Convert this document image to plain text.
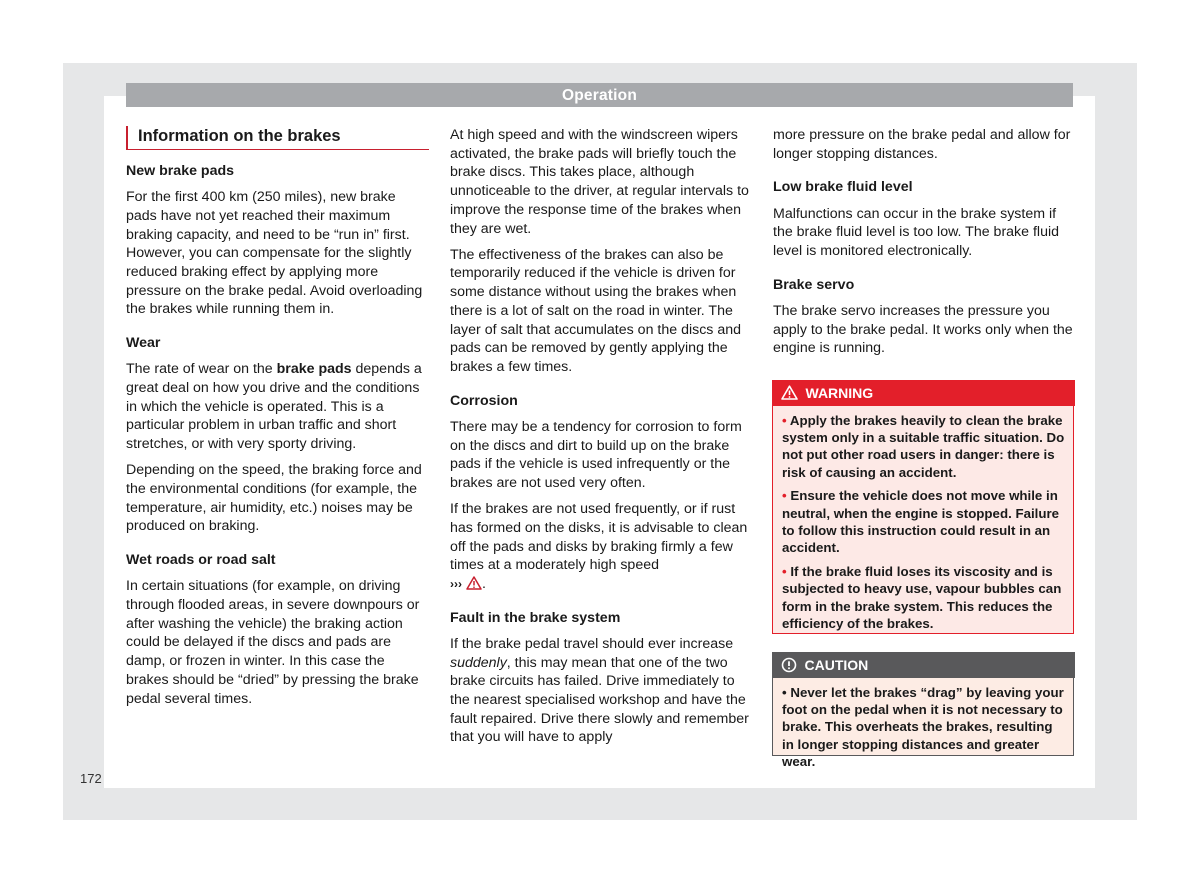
Operation
172
Information on the brakes

New brake pads

For the first 400 km (250 miles), new brake pads have not yet reached their maximum braking capacity, and need to be “run in” first. However, you can compensate for the slightly reduced braking effect by applying more pressure on the brake pedal. Avoid overloading the brakes while running them in.

Wear

The rate of wear on the brake pads depends a great deal on how you drive and the conditions in which the vehicle is operated. This is a particular problem in urban traffic and short stretches, or with very sporty driving.

Depending on the speed, the braking force and the environmental conditions (for example, the temperature, air humidity, etc.) noises may be produced on braking.

Wet roads or road salt

In certain situations (for example, on driving through flooded areas, in severe downpours or after washing the vehicle) the braking action could be delayed if the discs and pads are damp, or frozen in winter. In this case the brakes should be “dried” by pressing the brake pedal several times.

At high speed and with the windscreen wipers activated, the brake pads will briefly touch the brake discs. This takes place, although unnoticeable to the driver, at regular intervals to improve the response time of the brakes when they are wet.

The effectiveness of the brakes can also be temporarily reduced if the vehicle is driven for some distance without using the brakes when there is a lot of salt on the road in winter. The layer of salt that accumulates on the discs and pads can be removed by gently applying the brakes a few times.

Corrosion

There may be a tendency for corrosion to form on the discs and dirt to build up on the brake pads if the vehicle is used infrequently or the brakes are not used very often.

If the brakes are not used frequently, or if rust has formed on the disks, it is advisable to clean off the pads and disks by braking firmly a few times at a moderately high speed
››› .

Fault in the brake system

If the brake pedal travel should ever increase suddenly, this may mean that one of the two brake circuits has failed. Drive immediately to the nearest specialised workshop and have the fault repaired. Drive there slowly and remember that you will have to apply

more pressure on the brake pedal and allow for longer stopping distances.

Low brake fluid level

Malfunctions can occur in the brake system if the brake fluid level is too low. The brake fluid level is monitored electronically.

Brake servo

The brake servo increases the pressure you apply to the brake pedal. It works only when the engine is running.

WARNING

• Apply the brakes heavily to clean the brake system only in a suitable traffic situation. Do not put other road users in danger: there is risk of causing an accident.

• Ensure the vehicle does not move while in neutral, when the engine is stopped. Failure to follow this instruction could result in an accident.

• If the brake fluid loses its viscosity and is subjected to heavy use, vapour bubbles can form in the brake system. This reduces the efficiency of the brakes.

CAUTION

• Never let the brakes “drag” by leaving your foot on the pedal when it is not necessary to brake. This overheats the brakes, resulting in longer stopping distances and greater wear.
